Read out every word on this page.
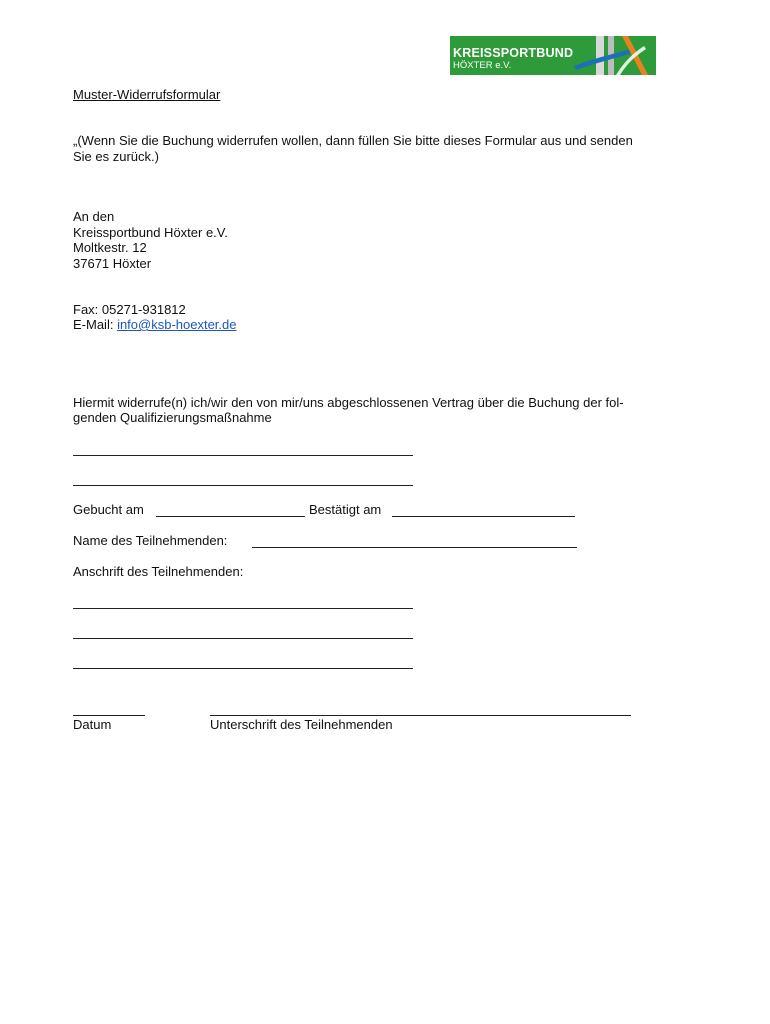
KREISSPORTBUND
HÖXTER e.V.
Muster-Widerrufsformular
„(Wenn Sie die Buchung widerrufen wollen, dann füllen Sie bitte dieses Formular aus und senden
Sie es zurück.)
An den
Kreissportbund Höxter e.V.
Moltkestr. 12
37671 Höxter
Fax: 05271-931812
E-Mail: info@ksb-hoexter.de
Hiermit widerrufe(n) ich/wir den von mir/uns abgeschlossenen Vertrag über die Buchung der fol-
genden Qualifizierungsmaßnahme
Gebucht am	Bestätigt am
Name des Teilnehmenden:
Anschrift des Teilnehmenden:
Datum	Unterschrift des Teilnehmenden
